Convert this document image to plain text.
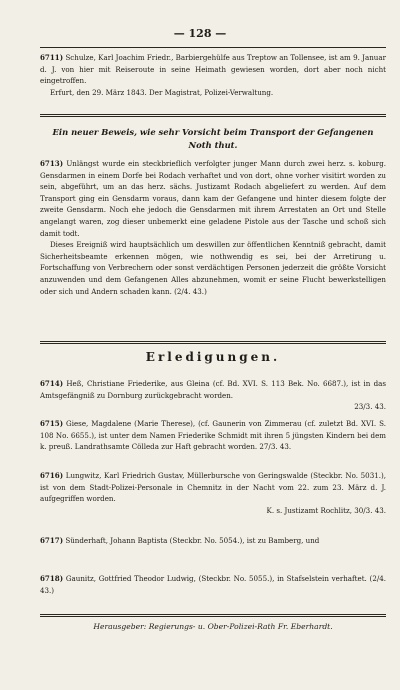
— 128 —
6711) Schulze, Karl Joachim Friedr., Barbiergehülfe aus Treptow an Tollensee, ist am 9. Januar d. J. von hier mit Reiseroute in seine Heimath gewiesen worden, dort aber noch nicht eingetroffen.
Erfurt, den 29. März 1843. Der Magistrat, Polizei-Verwaltung.
Ein neuer Beweis, wie sehr Vorsicht beim Transport der Gefangenen Noth thut.
6713) Unlängst wurde ein steckbrieflich verfolgter junger Mann durch zwei herz. s. koburg. Gensdarmen in einem Dorfe bei Rodach verhaftet und von dort, ohne vorher visitirt worden zu sein, abgeführt, um an das herz. sächs. Justizamt Rodach abgeliefert zu werden. Auf dem Transport ging ein Gensdarm voraus, dann kam der Gefangene und hinter diesem folgte der zweite Gensdarm. Noch ehe jedoch die Gensdarmen mit ihrem Arrestaten an Ort und Stelle angelangt waren, zog dieser unbemerkt eine geladene Pistole aus der Tasche und schoß sich damit todt.
Dieses Ereigniß wird hauptsächlich um deswillen zur öffentlichen Kenntniß gebracht, damit Sicherheitsbeamte erkennen mögen, wie nothwendig es sei, bei der Arretirung u. Fortschaffung von Verbrechern oder sonst verdächtigen Personen jederzeit die größte Vorsicht anzuwenden und dem Gefangenen Alles abzunehmen, womit er seine Flucht bewerkstelligen oder sich und Andern schaden kann. (2/4. 43.)
Erledigungen.
6714) Heß, Christiane Friederike, aus Gleina (cf. Bd. XVI. S. 113 Bek. No. 6687.), ist in das Amtsgefängniß zu Dornburg zurückgebracht worden.
23/3. 43.
6715) Giese, Magdalene (Marie Therese), (cf. Gaunerin von Zimmerau (cf. zuletzt Bd. XVI. S. 108 No. 6655.), ist unter dem Namen Friederike Schmidt mit ihren 5 jüngsten Kindern bei dem k. preuß. Landrathsamte Cölleda zur Haft gebracht worden. 27/3. 43.
6716) Lungwitz, Karl Friedrich Gustav, Müllerbursche von Geringswalde (Steckbr. No. 5031.), ist von dem Stadt-Polizei-Personale in Chemnitz in der Nacht vom 22. zum 23. März d. J. aufgegriffen worden.
K. s. Justizamt Rochlitz, 30/3. 43.
6717) Sünderhaft, Johann Baptista (Steckbr. No. 5054.), ist zu Bamberg, und
6718) Gaunitz, Gottfried Theodor Ludwig, (Steckbr. No. 5055.), in Stafselstein verhaftet. (2/4. 43.)
Herausgeber: Regierungs- u. Ober-Polizei-Rath Fr. Eberhardt.
